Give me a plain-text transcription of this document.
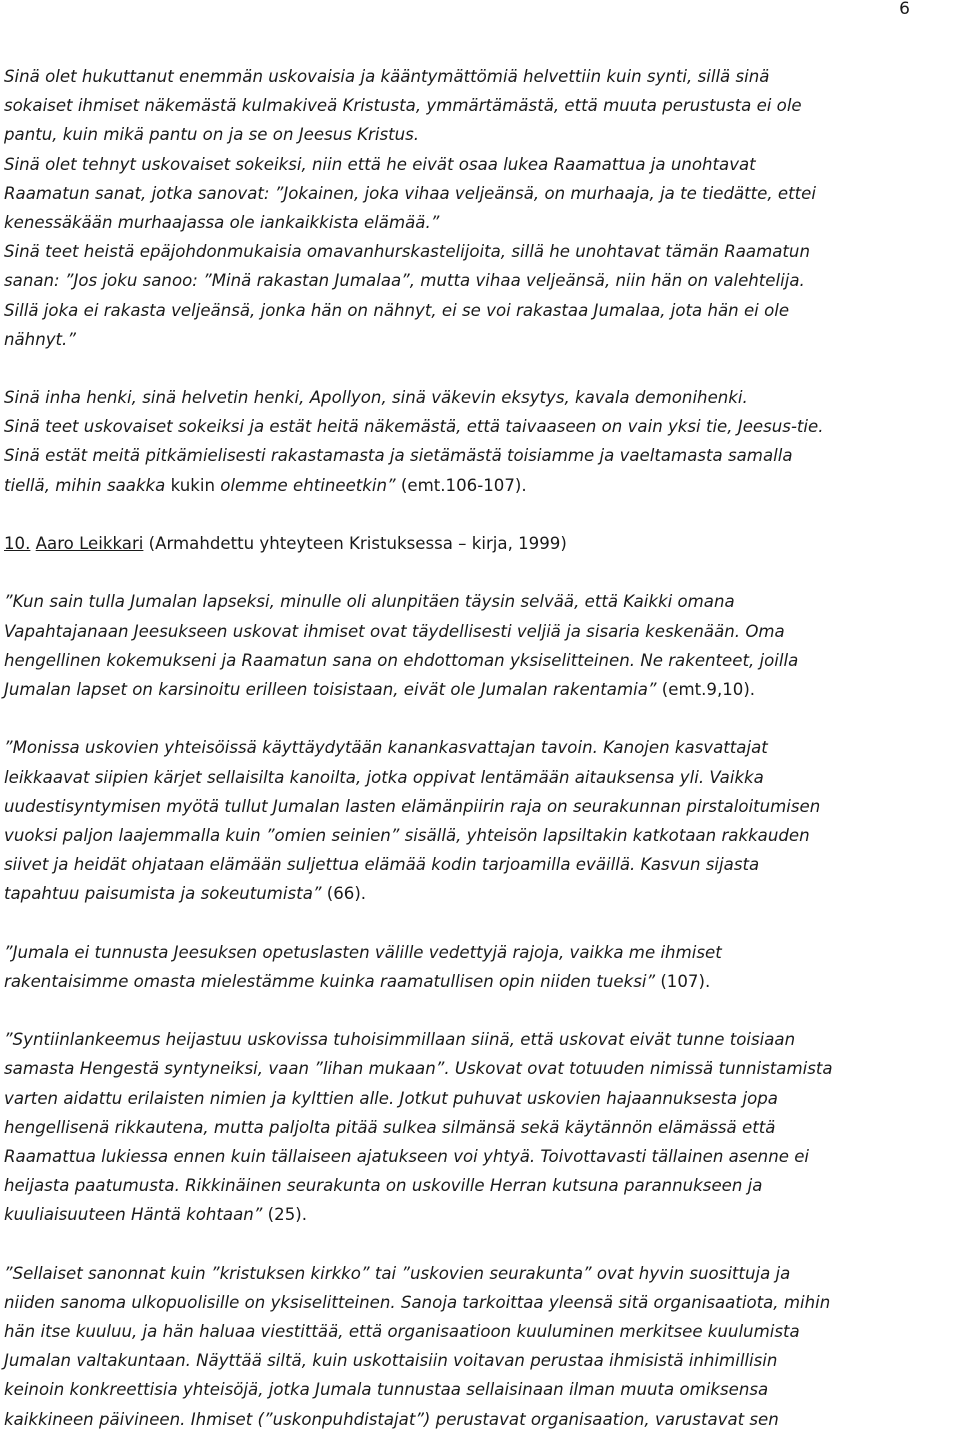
6
Sinä olet hukuttanut enemmän uskovaisia ja kääntymättömiä helvettiin kuin synti, sillä sinä
sokaiset ihmiset näkemästä kulmakiveä Kristusta, ymmärtämästä, että muuta perustusta ei ole
pantu, kuin mikä pantu on ja se on Jeesus Kristus.
Sinä olet tehnyt uskovaiset sokeiksi, niin että he eivät osaa lukea Raamattua ja unohtavat
Raamatun sanat, jotka sanovat: ”Jokainen, joka vihaa veljeänsä, on murhaaja, ja te tiedätte, ettei
kenessäkään murhaajassa ole iankaikkista elämää.”
Sinä teet heistä epäjohdonmukaisia omavanhurskastelijoita, sillä he unohtavat tämän Raamatun
sanan: ”Jos joku sanoo: ”Minä rakastan Jumalaa”, mutta vihaa veljeänsä, niin hän on valehtelija.
Sillä joka ei rakasta veljeänsä, jonka hän on nähnyt, ei se voi rakastaa Jumalaa, jota hän ei ole
nähnyt.”
Sinä inha henki, sinä helvetin henki, Apollyon, sinä väkevin eksytys, kavala demonihenki.
Sinä teet uskovaiset sokeiksi ja estät heitä näkemästä, että taivaaseen on vain yksi tie, Jeesus-tie.
Sinä estät meitä pitkämielisesti rakastamasta ja sietämästä toisiamme ja vaeltamasta samalla
tiellä, mihin saakka kukin olemme ehtineetkin” (emt.106-107).
10. Aaro Leikkari (Armahdettu yhteyteen Kristuksessa – kirja, 1999)
”Kun sain tulla Jumalan lapseksi, minulle oli alunpitäen täysin selvää, että Kaikki omana
Vapahtajanaan Jeesukseen uskovat ihmiset ovat täydellisesti veljiä ja sisaria keskenään. Oma
hengellinen kokemukseni ja Raamatun sana on ehdottoman yksiselitteinen. Ne rakenteet, joilla
Jumalan lapset on karsinoitu erilleen toisistaan, eivät ole Jumalan rakentamia” (emt.9,10).
”Monissa uskovien yhteisöissä käyttäydytään kanankasvattajan tavoin. Kanojen kasvattajat
leikkaavat siipien kärjet sellaisilta kanoilta, jotka oppivat lentämään aitauksensa yli. Vaikka
uudestisyntymisen myötä tullut Jumalan lasten elämänpiirin raja on seurakunnan pirstaloitumisen
vuoksi paljon laajemmalla kuin ”omien seinien” sisällä, yhteisön lapsiltakin katkotaan rakkauden
siivet ja heidät ohjataan elämään suljettua elämää kodin tarjoamilla eväillä. Kasvun sijasta
tapahtuu paisumista ja sokeutumista” (66).
”Jumala ei tunnusta Jeesuksen opetuslasten välille vedettyjä rajoja, vaikka me ihmiset
rakentaisimme omasta mielestämme kuinka raamatullisen opin niiden tueksi” (107).
”Syntiinlankeemus heijastuu uskovissa tuhoisimmillaan siinä, että uskovat eivät tunne toisiaan
samasta Hengestä syntyneiksi, vaan ”lihan mukaan”. Uskovat ovat totuuden nimissä tunnistamista
varten aidattu erilaisten nimien ja kylttien alle. Jotkut puhuvat uskovien hajaannuksesta jopa
hengellisenä rikkautena, mutta paljolta pitää sulkea silmänsä sekä käytännön elämässä että
Raamattua lukiessa ennen kuin tällaiseen ajatukseen voi yhtyä. Toivottavasti tällainen asenne ei
heijasta paatumusta. Rikkinäinen seurakunta on uskoville Herran kutsuna parannukseen ja
kuuliaisuuteen Häntä kohtaan” (25).
”Sellaiset sanonnat kuin ”kristuksen kirkko” tai ”uskovien seurakunta” ovat hyvin suosittuja ja
niiden sanoma ulkopuolisille on yksiselitteinen. Sanoja tarkoittaa yleensä sitä organisaatiota, mihin
hän itse kuuluu, ja hän haluaa viestittää, että organisaatioon kuuluminen merkitsee kuulumista
Jumalan valtakuntaan. Näyttää siltä, kuin uskottaisiin voitavan perustaa ihmisistä inhimillisin
keinoin konkreettisia yhteisöjä, jotka Jumala tunnustaa sellaisinaan ilman muuta omiksensa
kaikkineen päivineen. Ihmiset (”uskonpuhdistajat”) perustavat organisaation, varustavat sen
